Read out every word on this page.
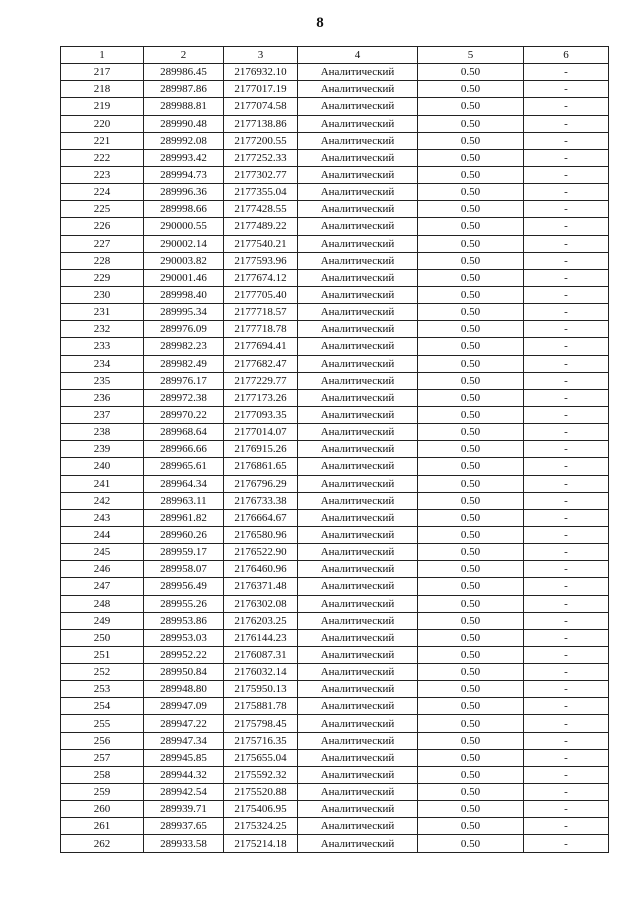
8
1	2	3	4	5	6
217	289986.45	2176932.10	Аналитический	0.50	-
218	289987.86	2177017.19	Аналитический	0.50	-
219	289988.81	2177074.58	Аналитический	0.50	-
220	289990.48	2177138.86	Аналитический	0.50	-
221	289992.08	2177200.55	Аналитический	0.50	-
222	289993.42	2177252.33	Аналитический	0.50	-
223	289994.73	2177302.77	Аналитический	0.50	-
224	289996.36	2177355.04	Аналитический	0.50	-
225	289998.66	2177428.55	Аналитический	0.50	-
226	290000.55	2177489.22	Аналитический	0.50	-
227	290002.14	2177540.21	Аналитический	0.50	-
228	290003.82	2177593.96	Аналитический	0.50	-
229	290001.46	2177674.12	Аналитический	0.50	-
230	289998.40	2177705.40	Аналитический	0.50	-
231	289995.34	2177718.57	Аналитический	0.50	-
232	289976.09	2177718.78	Аналитический	0.50	-
233	289982.23	2177694.41	Аналитический	0.50	-
234	289982.49	2177682.47	Аналитический	0.50	-
235	289976.17	2177229.77	Аналитический	0.50	-
236	289972.38	2177173.26	Аналитический	0.50	-
237	289970.22	2177093.35	Аналитический	0.50	-
238	289968.64	2177014.07	Аналитический	0.50	-
239	289966.66	2176915.26	Аналитический	0.50	-
240	289965.61	2176861.65	Аналитический	0.50	-
241	289964.34	2176796.29	Аналитический	0.50	-
242	289963.11	2176733.38	Аналитический	0.50	-
243	289961.82	2176664.67	Аналитический	0.50	-
244	289960.26	2176580.96	Аналитический	0.50	-
245	289959.17	2176522.90	Аналитический	0.50	-
246	289958.07	2176460.96	Аналитический	0.50	-
247	289956.49	2176371.48	Аналитический	0.50	-
248	289955.26	2176302.08	Аналитический	0.50	-
249	289953.86	2176203.25	Аналитический	0.50	-
250	289953.03	2176144.23	Аналитический	0.50	-
251	289952.22	2176087.31	Аналитический	0.50	-
252	289950.84	2176032.14	Аналитический	0.50	-
253	289948.80	2175950.13	Аналитический	0.50	-
254	289947.09	2175881.78	Аналитический	0.50	-
255	289947.22	2175798.45	Аналитический	0.50	-
256	289947.34	2175716.35	Аналитический	0.50	-
257	289945.85	2175655.04	Аналитический	0.50	-
258	289944.32	2175592.32	Аналитический	0.50	-
259	289942.54	2175520.88	Аналитический	0.50	-
260	289939.71	2175406.95	Аналитический	0.50	-
261	289937.65	2175324.25	Аналитический	0.50	-
262	289933.58	2175214.18	Аналитический	0.50	-
